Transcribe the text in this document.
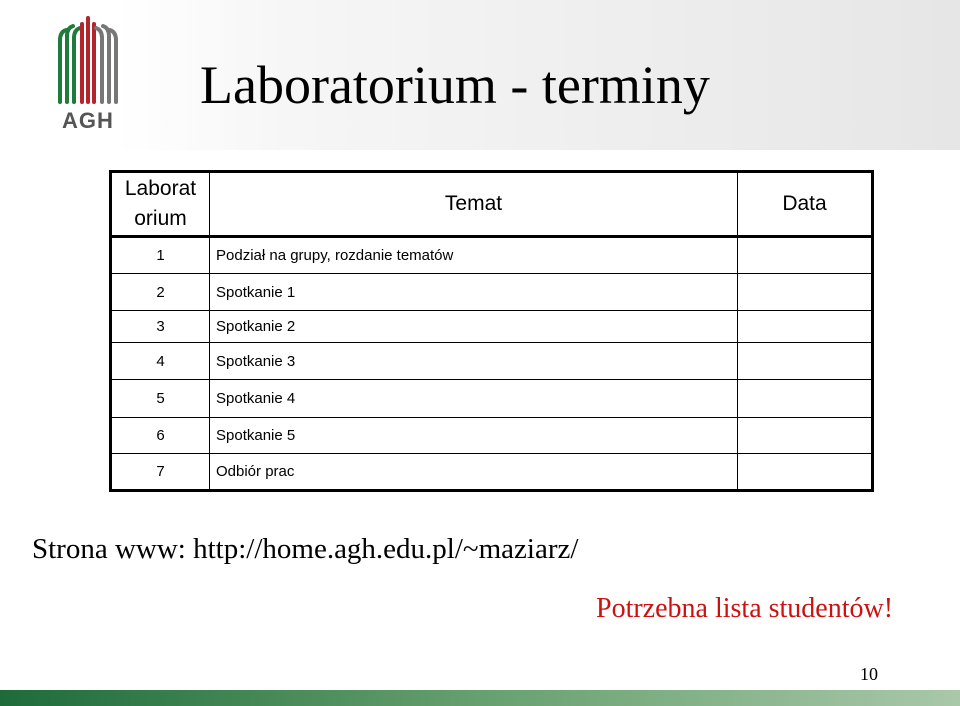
AGH
Laboratorium - terminy
Laborat orium	Temat	Data
1	Podział na grupy, rozdanie tematów	
2	Spotkanie 1	
3	Spotkanie 2	
4	Spotkanie 3	
5	Spotkanie 4	
6	Spotkanie 5	
7	Odbiór prac	
Strona www: http://home.agh.edu.pl/~maziarz/
Potrzebna lista studentów!
10
